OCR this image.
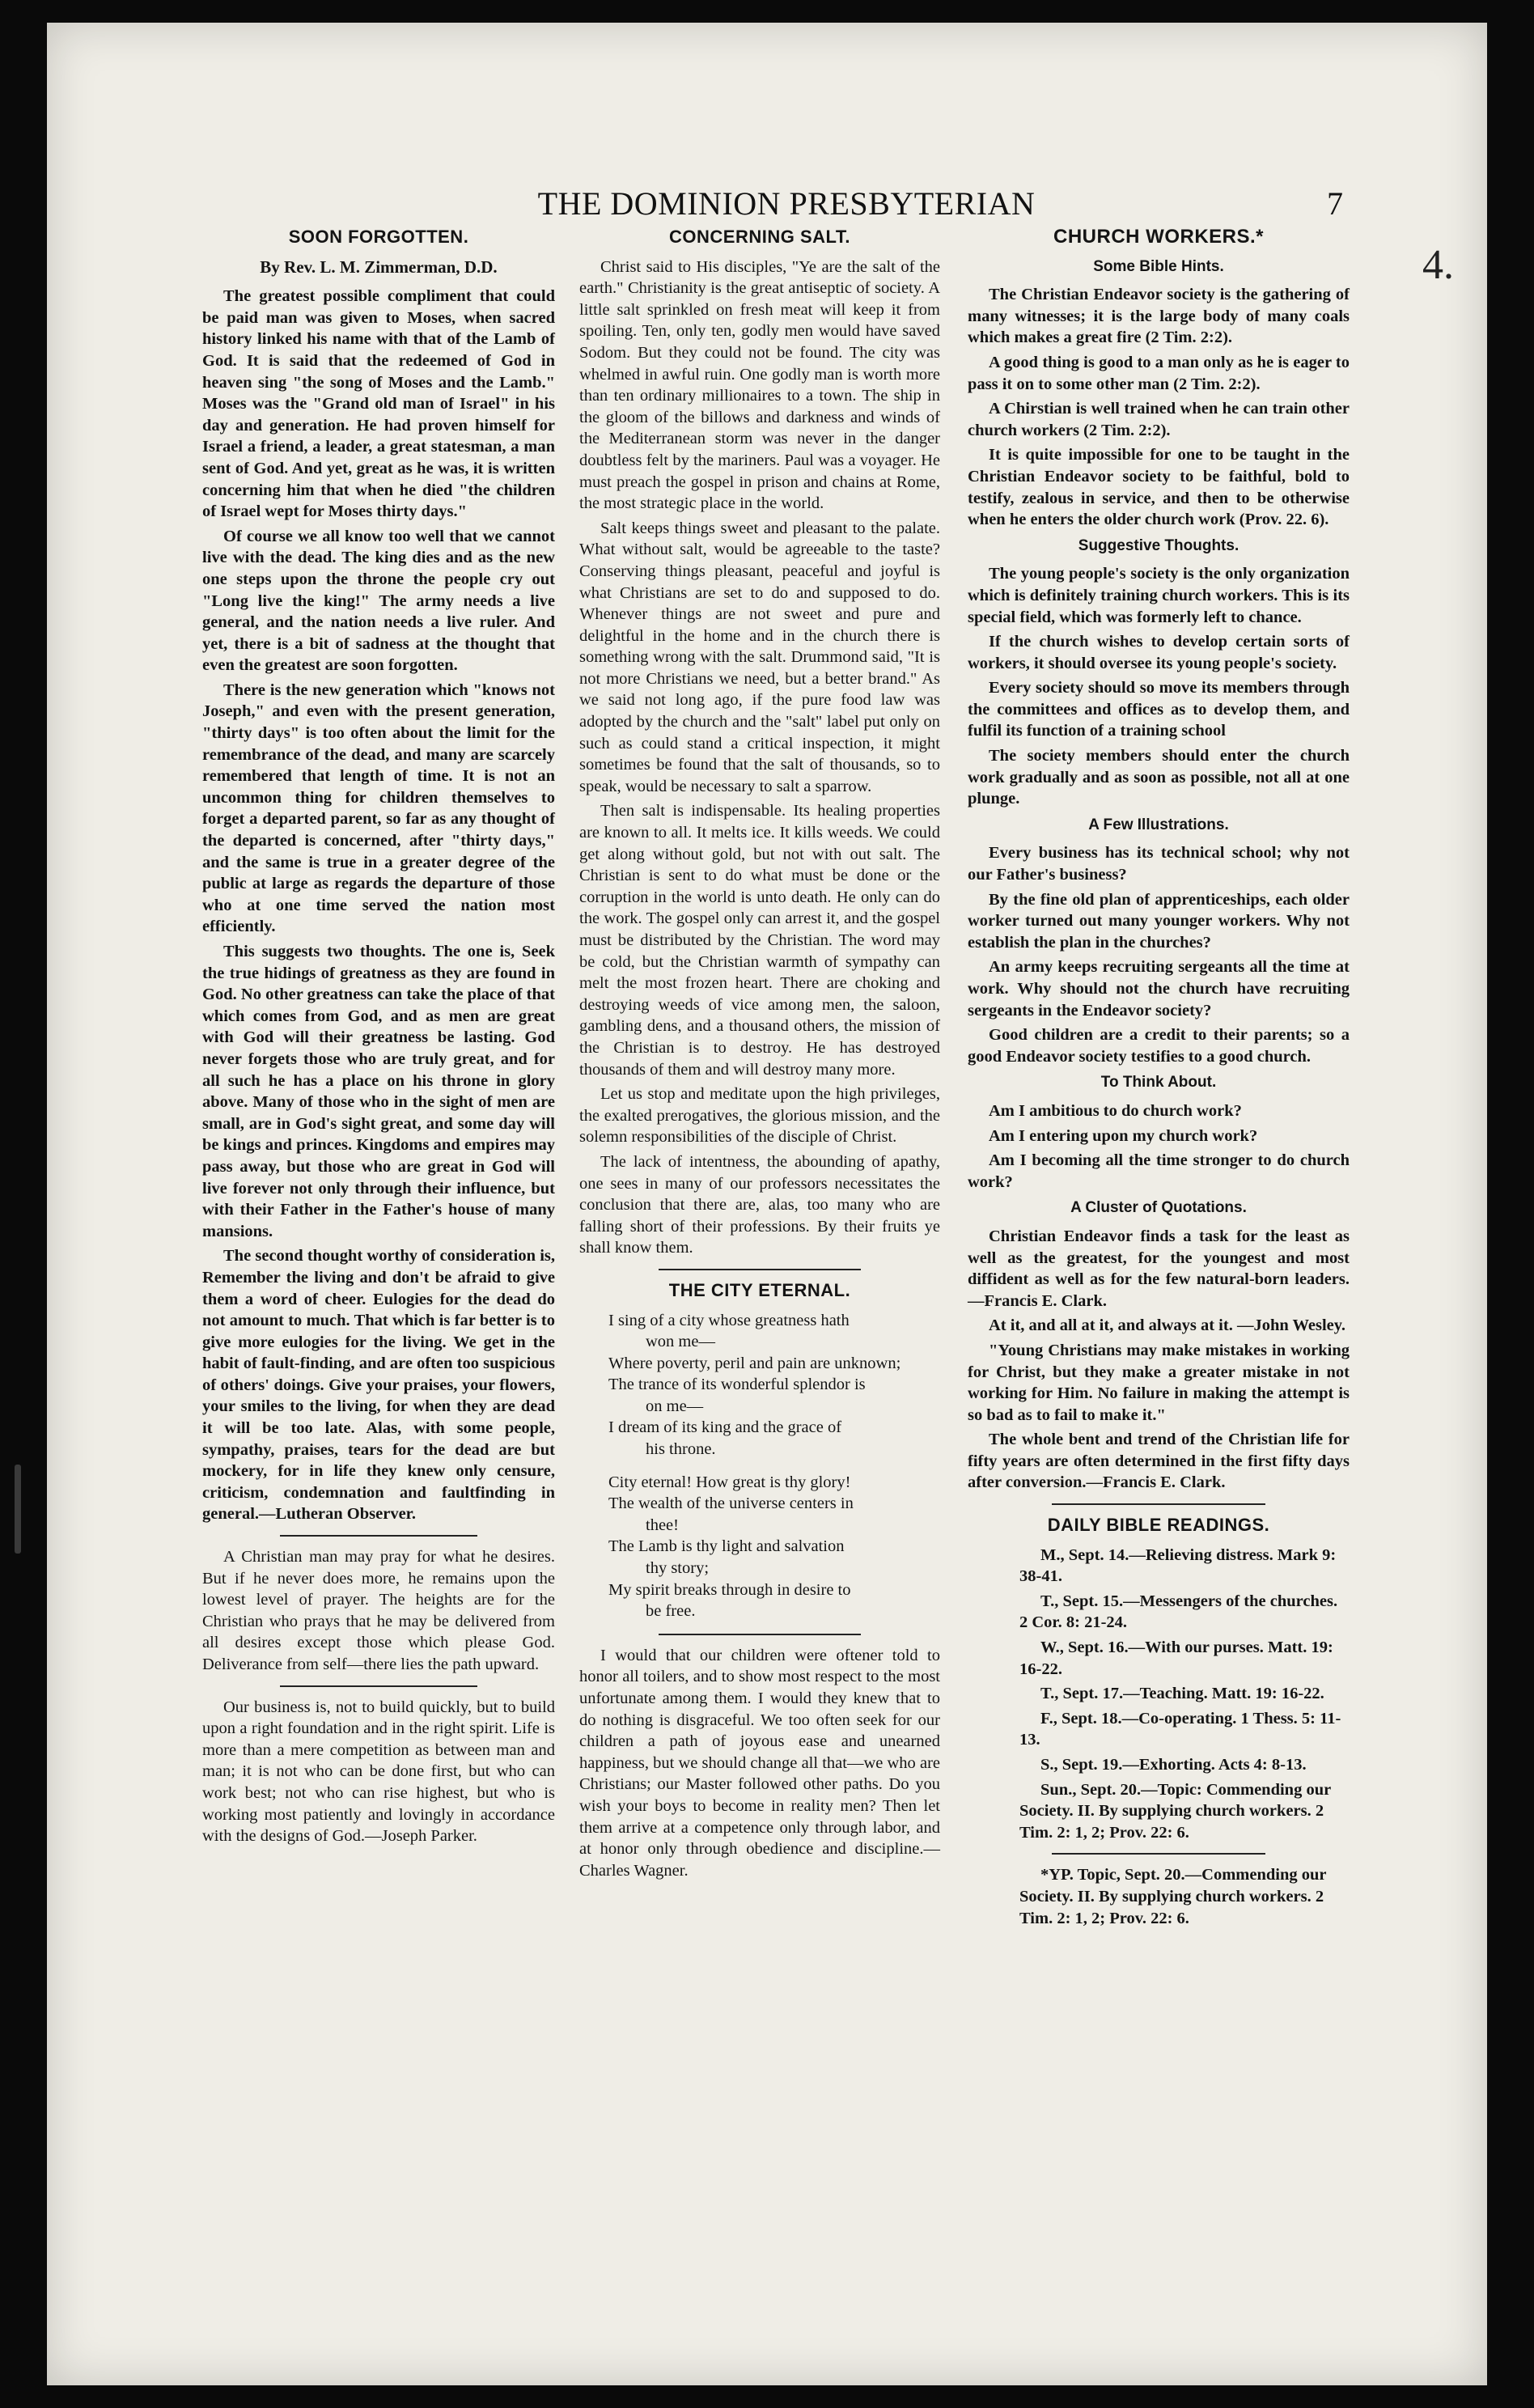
4.
THE DOMINION PRESBYTERIAN	7
SOON FORGOTTEN.
By Rev. L. M. Zimmerman, D.D.

The greatest possible compliment that could be paid man was given to Moses, when sacred history linked his name with that of the Lamb of God. It is said that the redeemed of God in heaven sing "the song of Moses and the Lamb." Moses was the "Grand old man of Israel" in his day and generation. He had proven himself for Israel a friend, a leader, a great statesman, a man sent of God. And yet, great as he was, it is written concerning him that when he died "the children of Israel wept for Moses thirty days."

Of course we all know too well that we cannot live with the dead. The king dies and as the new one steps upon the throne the people cry out "Long live the king!" The army needs a live general, and the nation needs a live ruler. And yet, there is a bit of sadness at the thought that even the greatest are soon forgotten.

There is the new generation which "knows not Joseph," and even with the present generation, "thirty days" is too often about the limit for the remembrance of the dead, and many are scarcely remembered that length of time. It is not an uncommon thing for children themselves to forget a departed parent, so far as any thought of the departed is concerned, after "thirty days," and the same is true in a greater degree of the public at large as regards the departure of those who at one time served the nation most efficiently.

This suggests two thoughts. The one is, Seek the true hidings of greatness as they are found in God. No other greatness can take the place of that which comes from God, and as men are great with God will their greatness be lasting. God never forgets those who are truly great, and for all such he has a place on his throne in glory above. Many of those who in the sight of men are small, are in God's sight great, and some day will be kings and princes. Kingdoms and empires may pass away, but those who are great in God will live forever not only through their influence, but with their Father in the Father's house of many mansions.

The second thought worthy of consideration is, Remember the living and don't be afraid to give them a word of cheer. Eulogies for the dead do not amount to much. That which is far better is to give more eulogies for the living. We get in the habit of fault-finding, and are often too suspicious of others' doings. Give your praises, your flowers, your smiles to the living, for when they are dead it will be too late. Alas, with some people, sympathy, praises, tears for the dead are but mockery, for in life they knew only censure, criticism, condemnation and faultfinding in general.—Lutheran Observer.

A Christian man may pray for what he desires. But if he never does more, he remains upon the lowest level of prayer. The heights are for the Christian who prays that he may be delivered from all desires except those which please God. Deliverance from self—there lies the path upward.

Our business is, not to build quickly, but to build upon a right foundation and in the right spirit. Life is more than a mere competition as between man and man; it is not who can be done first, but who can work best; not who can rise highest, but who is working most patiently and lovingly in accordance with the designs of God.—Joseph Parker.

CONCERNING SALT.

Christ said to His disciples, "Ye are the salt of the earth." Christianity is the great antiseptic of society. A little salt sprinkled on fresh meat will keep it from spoiling. Ten, only ten, godly men would have saved Sodom. But they could not be found. The city was whelmed in awful ruin. One godly man is worth more than ten ordinary millionaires to a town. The ship in the gloom of the billows and darkness and winds of the Mediterranean storm was never in the danger doubtless felt by the mariners. Paul was a voyager. He must preach the gospel in prison and chains at Rome, the most strategic place in the world.

Salt keeps things sweet and pleasant to the palate. What without salt, would be agreeable to the taste? Conserving things pleasant, peaceful and joyful is what Christians are set to do and supposed to do. Whenever things are not sweet and pure and delightful in the home and in the church there is something wrong with the salt. Drummond said, "It is not more Christians we need, but a better brand." As we said not long ago, if the pure food law was adopted by the church and the "salt" label put only on such as could stand a critical inspection, it might sometimes be found that the salt of thousands, so to speak, would be necessary to salt a sparrow.

Then salt is indispensable. Its healing properties are known to all. It melts ice. It kills weeds. We could get along without gold, but not with out salt. The Christian is sent to do what must be done or the corruption in the world is unto death. He only can do the work. The gospel only can arrest it, and the gospel must be distributed by the Christian. The word may be cold, but the Christian warmth of sympathy can melt the most frozen heart. There are choking and destroying weeds of vice among men, the saloon, gambling dens, and a thousand others, the mission of the Christian is to destroy. He has destroyed thousands of them and will destroy many more.

Let us stop and meditate upon the high privileges, the exalted prerogatives, the glorious mission, and the solemn responsibilities of the disciple of Christ.

The lack of intentness, the abounding of apathy, one sees in many of our professors necessitates the conclusion that there are, alas, too many who are falling short of their professions. By their fruits ye shall know them.

THE CITY ETERNAL.

I sing of a city whose greatness hath

won me—

Where poverty, peril and pain are unknown;

The trance of its wonderful splendor is

on me—

I dream of its king and the grace of

his throne.

City eternal! How great is thy glory!

The wealth of the universe centers in

thee!

The Lamb is thy light and salvation

thy story;

My spirit breaks through in desire to

be free.

I would that our children were oftener told to honor all toilers, and to show most respect to the most unfortunate among them. I would they knew that to do nothing is disgraceful. We too often seek for our children a path of joyous ease and unearned happiness, but we should change all that—we who are Christians; our Master followed other paths. Do you wish your boys to become in reality men? Then let them arrive at a competence only through labor, and at honor only through obedience and discipline.—Charles Wagner.

CHURCH WORKERS.*
Some Bible Hints.

The Christian Endeavor society is the gathering of many witnesses; it is the large body of many coals which makes a great fire (2 Tim. 2:2).

A good thing is good to a man only as he is eager to pass it on to some other man (2 Tim. 2:2).

A Chirstian is well trained when he can train other church workers (2 Tim. 2:2).

It is quite impossible for one to be taught in the Christian Endeavor society to be faithful, bold to testify, zealous in service, and then to be otherwise when he enters the older church work (Prov. 22. 6).

Suggestive Thoughts.

The young people's society is the only organization which is definitely training church workers. This is its special field, which was formerly left to chance.

If the church wishes to develop certain sorts of workers, it should oversee its young people's society.

Every society should so move its members through the committees and offices as to develop them, and fulfil its function of a training school

The society members should enter the church work gradually and as soon as possible, not all at one plunge.

A Few Illustrations.

Every business has its technical school; why not our Father's business?

By the fine old plan of apprenticeships, each older worker turned out many younger workers. Why not establish the plan in the churches?

An army keeps recruiting sergeants all the time at work. Why should not the church have recruiting sergeants in the Endeavor society?

Good children are a credit to their parents; so a good Endeavor society testifies to a good church.

To Think About.

Am I ambitious to do church work?

Am I entering upon my church work?

Am I becoming all the time stronger to do church work?

A Cluster of Quotations.

Christian Endeavor finds a task for the least as well as the greatest, for the youngest and most diffident as well as for the few natural-born leaders.—Francis E. Clark.

At it, and all at it, and always at it. —John Wesley.

"Young Christians may make mistakes in working for Christ, but they make a greater mistake in not working for Him. No failure in making the attempt is so bad as to fail to make it."

The whole bent and trend of the Christian life for fifty years are often determined in the first fifty days after conversion.—Francis E. Clark.

DAILY BIBLE READINGS.

M., Sept. 14.—Relieving distress. Mark 9: 38-41.

T., Sept. 15.—Messengers of the churches. 2 Cor. 8: 21-24.

W., Sept. 16.—With our purses. Matt. 19: 16-22.

T., Sept. 17.—Teaching. Matt. 19: 16-22.

F., Sept. 18.—Co-operating. 1 Thess. 5: 11-13.

S., Sept. 19.—Exhorting. Acts 4: 8-13.

Sun., Sept. 20.—Topic: Commending our Society. II. By supplying church workers. 2 Tim. 2: 1, 2; Prov. 22: 6.

*YP. Topic, Sept. 20.—Commending our Society. II. By supplying church workers. 2 Tim. 2: 1, 2; Prov. 22: 6.
